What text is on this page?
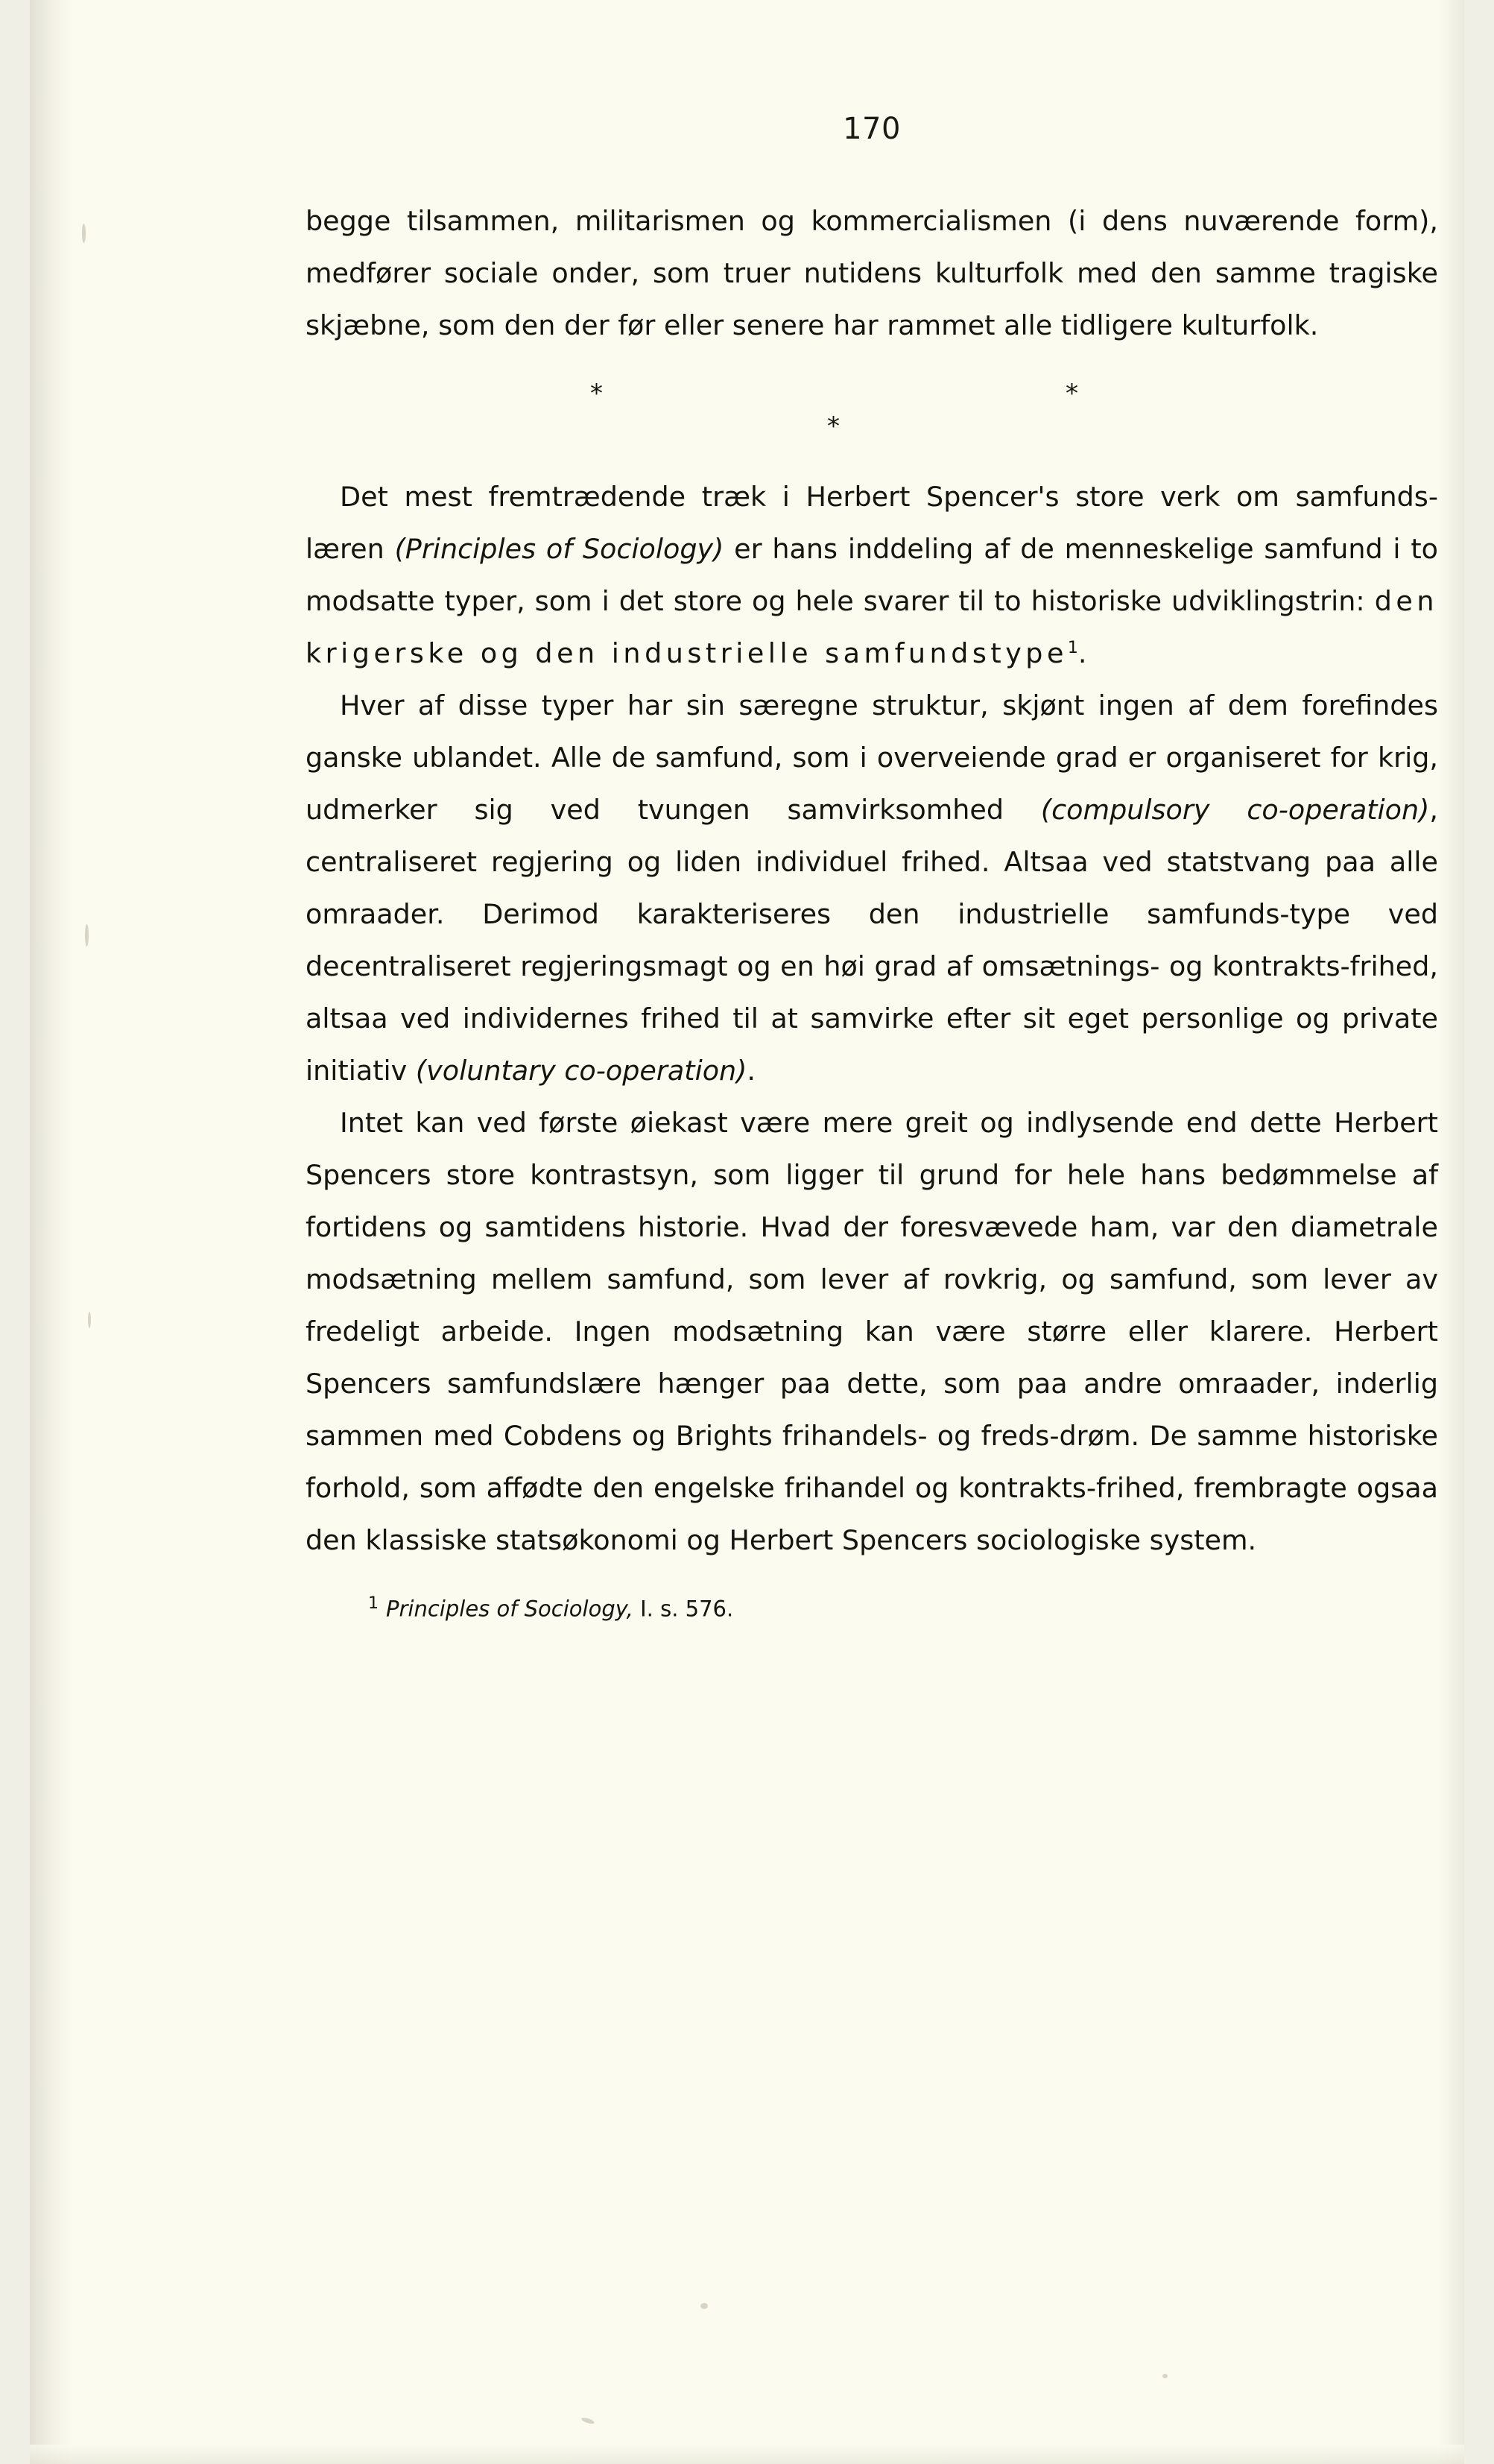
170

begge tilsammen, militarismen og kommercialismen (i dens nuværende form), medfører sociale onder, som truer nutidens kulturfolk med den samme tragiske skjæbne, som den der før eller senere har rammet alle tidligere kulturfolk.

*
*
*

Det mest fremtrædende træk i Herbert Spencer's store verk om samfunds-læren (Principles of Sociology) er hans inddeling af de menneskelige samfund i to modsatte typer, som i det store og hele svarer til to historiske udviklingstrin: den krigerske og den industrielle samfundstype$^1$.

Hver af disse typer har sin særegne struktur, skjønt ingen af dem forefindes ganske ublandet. Alle de samfund, som i overveiende grad er organiseret for krig, udmerker sig ved tvungen samvirksomhed (compulsory co-operation), centraliseret regjering og liden individuel frihed. Altsaa ved statstvang paa alle omraader. Derimod karakteriseres den industrielle samfunds-type ved decentraliseret regjeringsmagt og en høi grad af omsætnings- og kontrakts-frihed, altsaa ved individernes frihed til at samvirke efter sit eget personlige og private initiativ (voluntary co-operation).

Intet kan ved første øiekast være mere greit og indlysende end dette Herbert Spencers store kontrastsyn, som ligger til grund for hele hans bedømmelse af fortidens og samtidens historie. Hvad der foresvævede ham, var den diametrale modsætning mellem samfund, som lever af rovkrig, og samfund, som lever av fredeligt arbeide. Ingen modsætning kan være større eller klarere. Herbert Spencers samfundslære hænger paa dette, som paa andre omraader, inderlig sammen med Cobdens og Brights frihandels- og freds-drøm. De samme historiske forhold, som affødte den engelske frihandel og kontrakts-frihed, frembragte ogsaa den klassiske statsøkonomi og Herbert Spencers sociologiske system.

$^1$ Principles of Sociology, I. s. 576.
